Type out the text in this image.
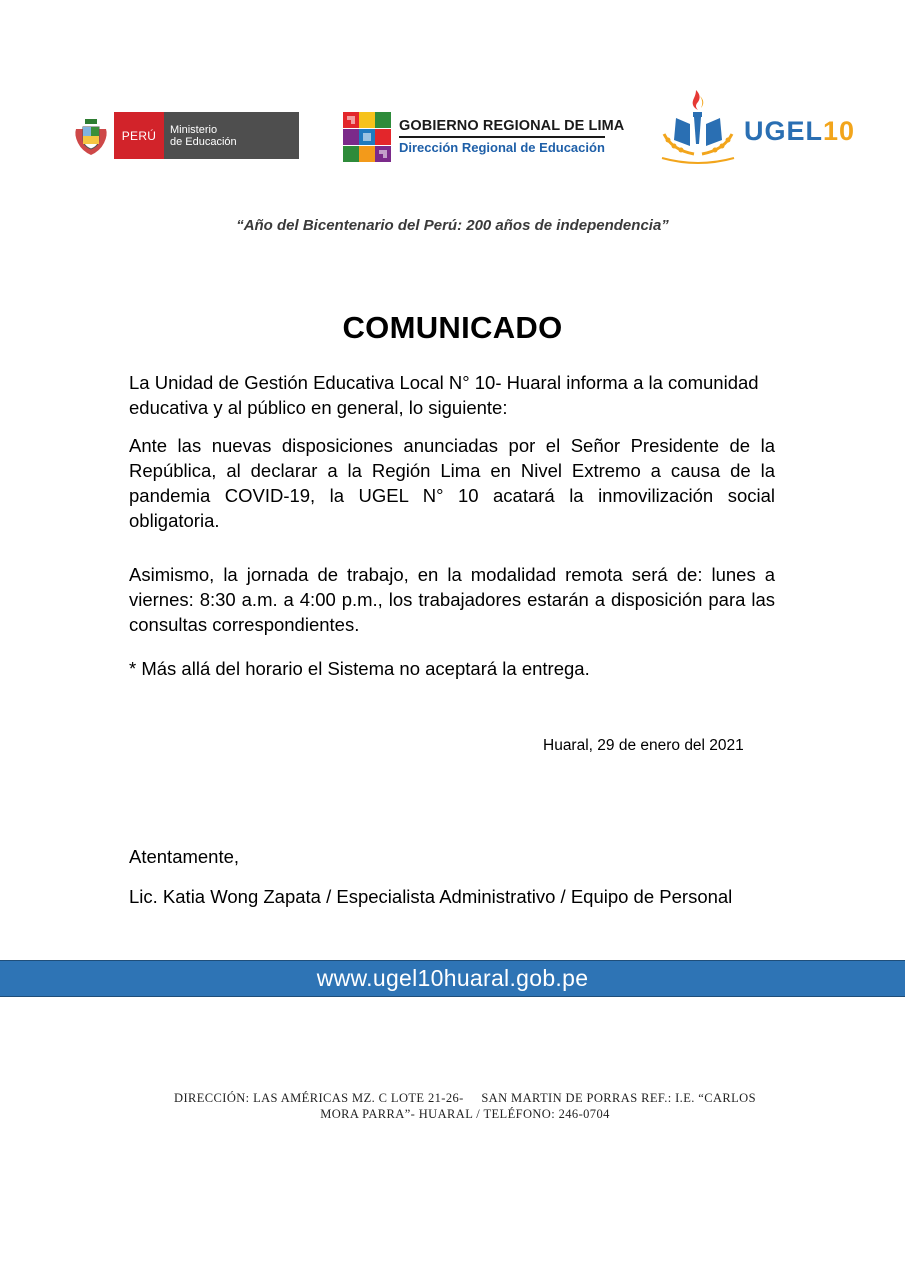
PERÚ	Ministerio
de Educación
GOBIERNO REGIONAL DE LIMA
Dirección Regional de Educación
UGEL10
“Año del Bicentenario del Perú: 200 años de independencia”
COMUNICADO
La Unidad de Gestión Educativa Local N° 10- Huaral informa a la comunidad educativa y al público en general, lo siguiente:
Ante las nuevas disposiciones anunciadas por el Señor Presidente de la República, al declarar a la Región Lima en Nivel Extremo a causa de la pandemia COVID-19, la UGEL N° 10 acatará la inmovilización social obligatoria.
Asimismo, la jornada de trabajo, en la modalidad remota será de: lunes a viernes: 8:30 a.m. a 4:00 p.m., los trabajadores estarán a disposición para las consultas correspondientes.
* Más allá del horario el Sistema no aceptará la entrega.
Huaral, 29 de enero del 2021
Atentamente,
Lic. Katia Wong Zapata / Especialista Administrativo / Equipo de Personal
www.ugel10huaral.gob.pe
DIRECCIÓN: LAS AMÉRICAS MZ. C LOTE 21-26-     SAN MARTIN DE PORRAS REF.: I.E. “CARLOS
MORA PARRA”- HUARAL / TELÉFONO: 246-0704
